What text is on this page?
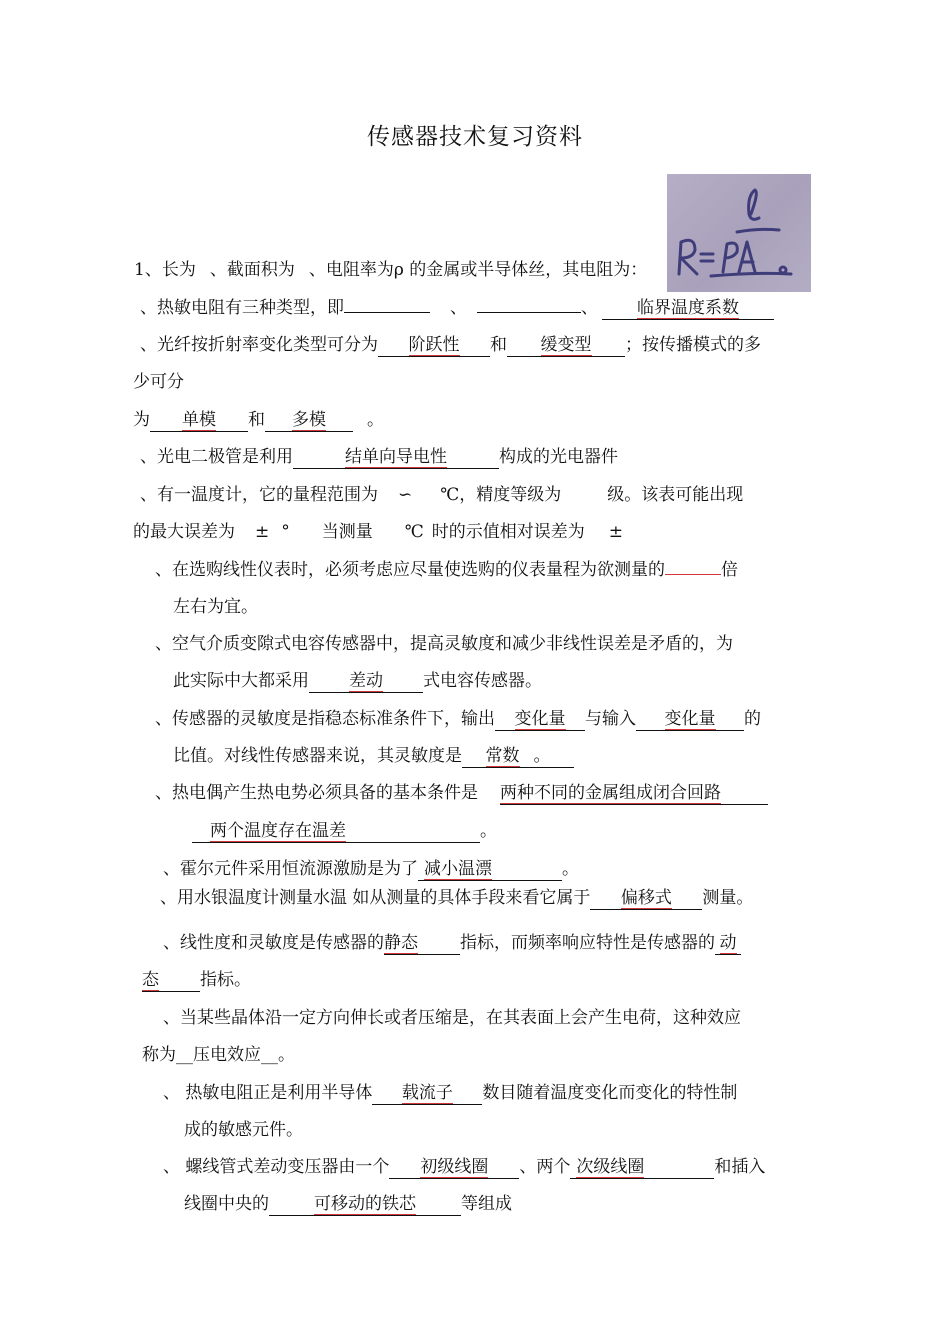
传感器技术复习资料
1、长为 、截面积为 、电阻率为ρ 的金属或半导体丝，其电阻为：
、热敏电阻有三种类型，即	、	、 临界温度系数
、光纤按折射率变化类型可分为 阶跃性 和 缓变型 ；按传播模式的多
少可分
为 单模 和 多模 。
、光电二极管是利用	结单向导电性	构成的光电器件
、有一温度计，它的量程范围为 ∽ ℃，精度等级为	级。该表可能出现
的最大误差为 ± ° 当测量 ℃ 时的示值相对误差为 ±
、在选购线性仪表时，必须考虑应尽量使选购的仪表量程为欲测量的	倍
左右为宜。
、空气介质变隙式电容传感器中，提高灵敏度和减少非线性误差是矛盾的，为
此实际中大都采用 差动 式电容传感器。
、传感器的灵敏度是指稳态标准条件下，输出 变化量 与输入 变化量 的
比值。对线性传感器来说，其灵敏度是 常数 。
、热电偶产生热电势必须具备的基本条件是 两种不同的金属组成闭合回路
两个温度存在温差	。
、霍尔元件采用恒流源激励是为了 减小温漂	。
、用水银温度计测量水温 如从测量的具体手段来看它属于 偏移式 测量。
、线性度和灵敏度是传感器的静态 指标，而频率响应特性是传感器的 动
态 指标。
、当某些晶体沿一定方向伸长或者压缩是，在其表面上会产生电荷，这种效应
称为__压电效应__。
、 热敏电阻正是利用半导体 载流子 数目随着温度变化而变化的特性制
成的敏感元件。
、 螺线管式差动变压器由一个 初级线圈 、两个 次级线圈	和插入
线圈中央的	可移动的铁芯	等组成
